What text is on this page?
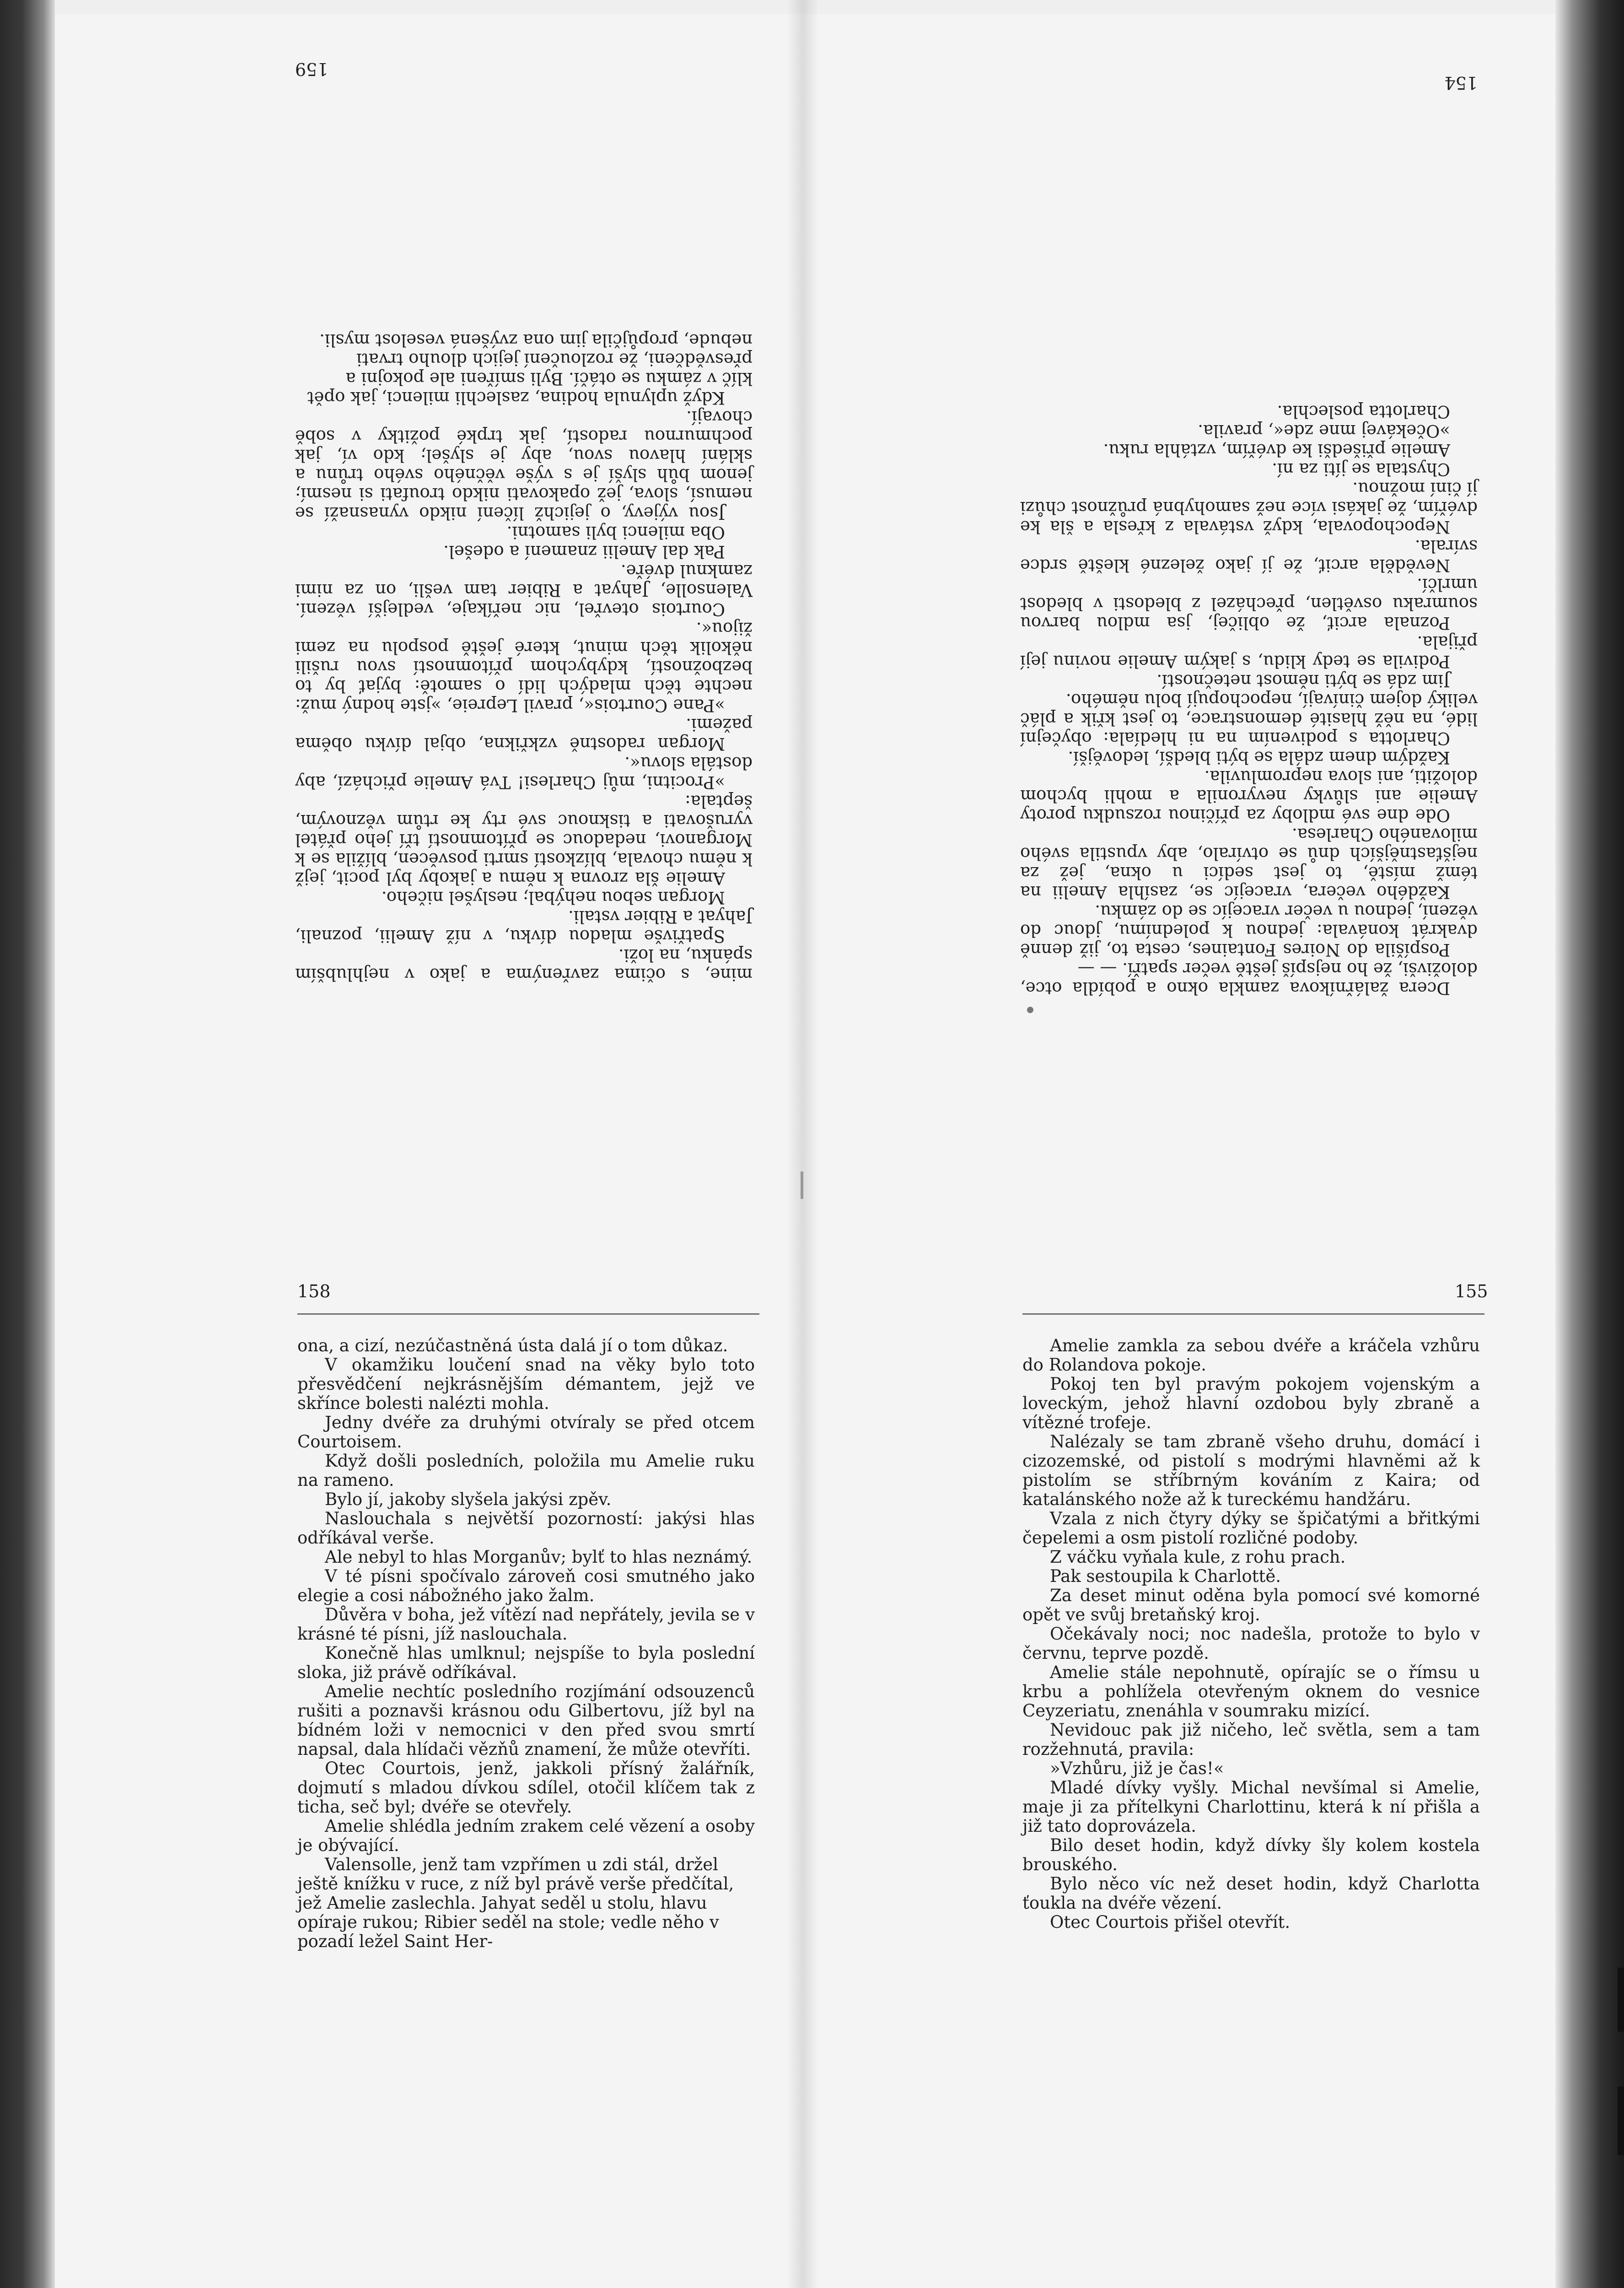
159

mine, s očima zavřenýma a jako v nejhlubším spánku, na loži.

Spatřivše mladou dívku, v níž Amelii, poznali, Jahyat a Ribier vstali.

Morgan sebou nehýbal; neslyšel ničeho.

Amelie šla zrovna k němu a jakoby byl pocit, jejž k němu chovala, blízkostí smrti posvěcen, blížila se k Morganovi, nedadouc se přítomností tří jeho přátel vyrušovati a tisknouc své rty ke rtům věznovým, šeptala:

»Procitni, můj Charlesi! Tvá Amelie přichází, aby dostála slovu«.

Morgan radostně vzkřikna, objal dívku oběma pažemi.

»Pane Courtois«, pravil Lepreie, »jste hodný muž: nechte těch mladých lidí o samotě: byjať by to bezbožností, kdybychom přítomností svou rušili několik těch minut, které ještě pospolu na zemi žijou«.

Courtois otevřel, nic neříkaje, vedlejší vězení. Valensolle, Jahyat a Ribier tam vešli, on za nimi zamknul dvéře.

Pak dal Amelii znamení a odešel.

Oba milenci byli samotni.

Jsou výjevy, o jejichž líčení nikdo vynasnaží se nemusí, slova, jež opakovati nikdo troufati si nesmí; jenom bůh slyší je s výše věčného svého trůnu a sklání hlavou svou, aby je slyšel; kdo ví, jak pochmurnou radostí, jak trpké požitky v sobě chovají.

Když uplynula hodina, zaslechli milenci, jak opět klíč v zámku se otáčí. Byli smířeni ale pokojni a přesvědčeni, že rozloučení jejich dlouho trvati nebude, propůjčila jim ona zvýšená veselost mysli.

154

Dcera žalářníkova zamkla okno a pobídla otce, doloživši, že ho nejspíš ještě večer spatří. — —

Pospíšila do Noires Fontaines, cesta to, již denně dvakrát konávala: jednou k polednímu, jdouc do vězení, jednou u večer vracejíc se do zámku.

Každého večera, vracejíc se, zasíhla Amelii na témž místě, to jest sedíci u okna, jež za nejšťastnějších dnů se otvíralo, aby vpustila svého milovaného Charlesa.

Ode dne své mdloby za příčinou rozsudku poroty Amelie ani slůvky nevyronila a mohli bychom doložiti, ani slova nepromluvila.

Každým dnem zdála se býti bledší, ledovější.

Charlotta s podivením na ni hledíala: obyčejní lidé, na něž hlasité demonstrace, to jest křik a pláč veliký dojem činívají, nepochopují bolu němého.

Jim zdá se býti němost netečností.

Podivila se tedy klidu, s jakým Amelie novinu její přijala.

Poznala arciť, že obličej, jsa mdlou barvou soumraku osvětlen, přecházel z bledosti v bledost umrlčí.

Nevěděla arciť, že jí jako železné kleště srdce svírala.

Nepochopovala, když vstávala z křesla a šla ke dvéřím, že jakási více než samohybná průžnost chůzi jí činí možnou.

Chystala se jíti za ní.

Amelie přišedši ke dvéřím, vztáhla ruku.

»Očekávej mne zde«, pravila.

Charlotta poslechla.

158

ona, a cizí, nezúčastněná ústa dalá jí o tom důkaz.

V okamžiku loučení snad na věky bylo toto přesvědčení nejkrásnějším démantem, jejž ve skřínce bolesti nalézti mohla.

Jedny dvéře za druhými otvíraly se před otcem Courtoisem.

Když došli posledních, položila mu Amelie ruku na rameno.

Bylo jí, jakoby slyšela jakýsi zpěv.

Naslouchala s největší pozorností: jakýsi hlas odříkával verše.

Ale nebyl to hlas Morganův; bylť to hlas neznámý.

V té písni spočívalo zároveň cosi smutného jako elegie a cosi nábožného jako žalm.

Důvěra v boha, jež vítězí nad nepřátely, jevila se v krásné té písni, jíž naslouchala.

Konečně hlas umlknul; nejspíše to byla poslední sloka, již právě odříkával.

Amelie nechtíc posledního rozjímání odsouzenců rušiti a poznavši krásnou odu Gilbertovu, jíž byl na bídném loži v nemocnici v den před svou smrtí napsal, dala hlídači vězňů znamení, že může otevříti.

Otec Courtois, jenž, jakkoli přísný žalářník, dojmutí s mladou dívkou sdílel, otočil klíčem tak z ticha, seč byl; dvéře se otevřely.

Amelie shlédla jedním zrakem celé vězení a osoby je obývající.

Valensolle, jenž tam vzpřímen u zdi stál, držel ještě knížku v ruce, z níž byl právě verše předčítal, jež Amelie zaslechla. Jahyat seděl u stolu, hlavu opíraje rukou; Ribier seděl na stole; vedle něho v pozadí ležel Saint Her-

155

Amelie zamkla za sebou dvéře a kráčela vzhůru do Rolandova pokoje.

Pokoj ten byl pravým pokojem vojenským a loveckým, jehož hlavní ozdobou byly zbraně a vítězné trofeje.

Nalézaly se tam zbraně všeho druhu, domácí i cizozemské, od pistolí s modrými hlavněmi až k pistolím se stříbrným kováním z Kaira; od katalánského nože až k tureckému handžáru.

Vzala z nich čtyry dýky se špičatými a břitkými čepelemi a osm pistolí rozličné podoby.

Z váčku vyňala kule, z rohu prach.

Pak sestoupila k Charlottě.

Za deset minut oděna byla pomocí své komorné opět ve svůj bretaňský kroj.

Očekávaly noci; noc nadešla, protože to bylo v červnu, teprve pozdě.

Amelie stále nepohnutě, opírajíc se o římsu u krbu a pohlížela otevřeným oknem do vesnice Ceyzeriatu, znenáhla v soumraku mizící.

Nevidouc pak již ničeho, leč světla, sem a tam rozžehnutá, pravila:

»Vzhůru, již je čas!«

Mladé dívky vyšly. Michal nevšímal si Amelie, maje ji za přítelkyni Charlottinu, která k ní přišla a již tato doprovázela.

Bilo deset hodin, když dívky šly kolem kostela brouského.

Bylo něco víc než deset hodin, když Charlotta ťoukla na dvéře vězení.

Otec Courtois přišel otevřít.
